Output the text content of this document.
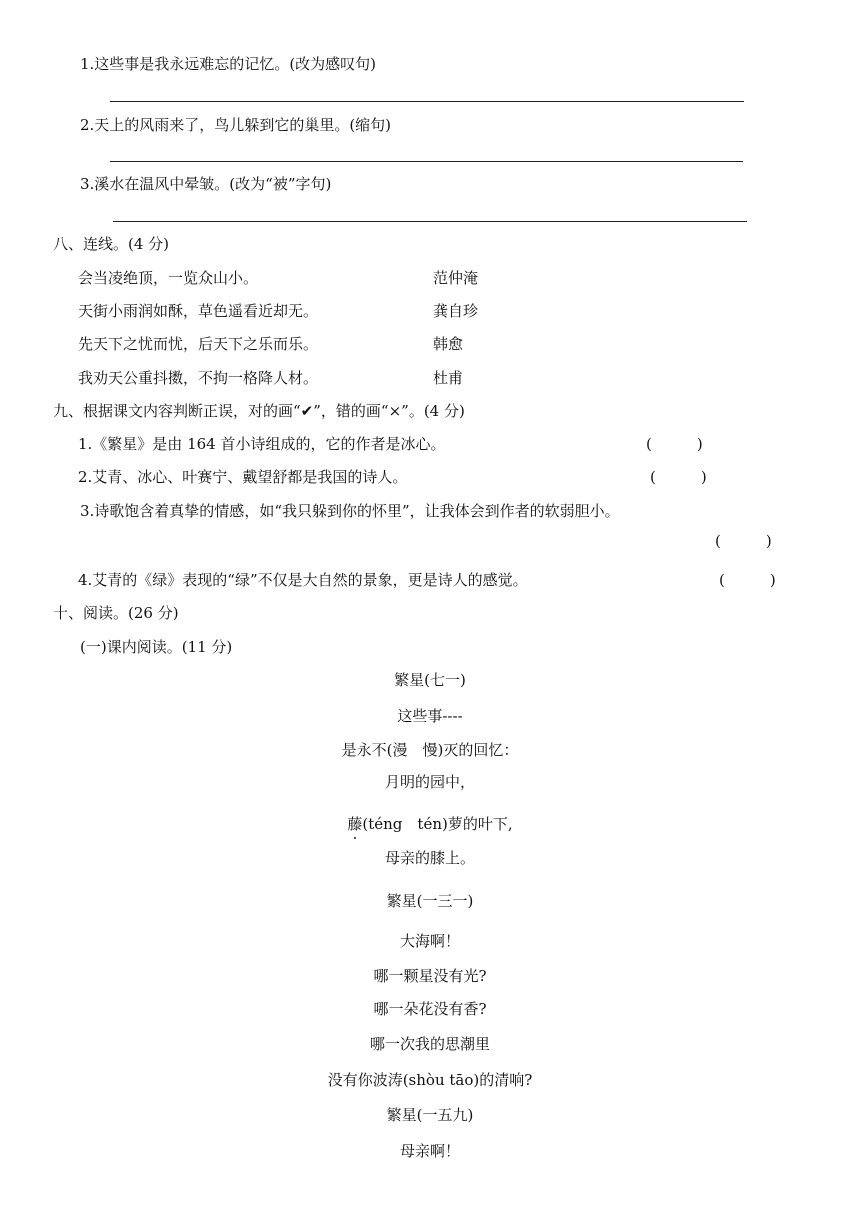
1.这些事是我永远难忘的记忆。(改为感叹句)
2.天上的风雨来了，鸟儿躲到它的巢里。(缩句)
3.溪水在温风中晕皱。(改为“被”字句)
八、连线。(4 分)
会当凌绝顶，一览众山小。	范仲淹
天街小雨润如酥，草色遥看近却无。	龚自珍
先天下之忧而忧，后天下之乐而乐。	韩愈
我劝天公重抖擞，不拘一格降人材。	杜甫
九、根据课文内容判断正误，对的画“✔”，错的画“×”。(4 分)
1.《繁星》是由 164 首小诗组成的，它的作者是冰心。	(　　　)
2.艾青、冰心、叶赛宁、戴望舒都是我国的诗人。	(　　　)
3.诗歌饱含着真挚的情感，如“我只躲到你的怀里”，让我体会到作者的软弱胆小。
(　　　)
4.艾青的《绿》表现的“绿”不仅是大自然的景象，更是诗人的感觉。	(　　　)
十、阅读。(26 分)
(一)课内阅读。(11 分)
繁星(七一)
这些事----
是永不(漫　慢)灭的回忆：
月明的园中，
藤(téng　tén)萝的叶下,
母亲的膝上。
繁星(一三一)
大海啊！
哪一颗星没有光?
哪一朵花没有香?
哪一次我的思潮里
没有你波涛(shòu tāo)的清响?
繁星(一五九)
母亲啊！
